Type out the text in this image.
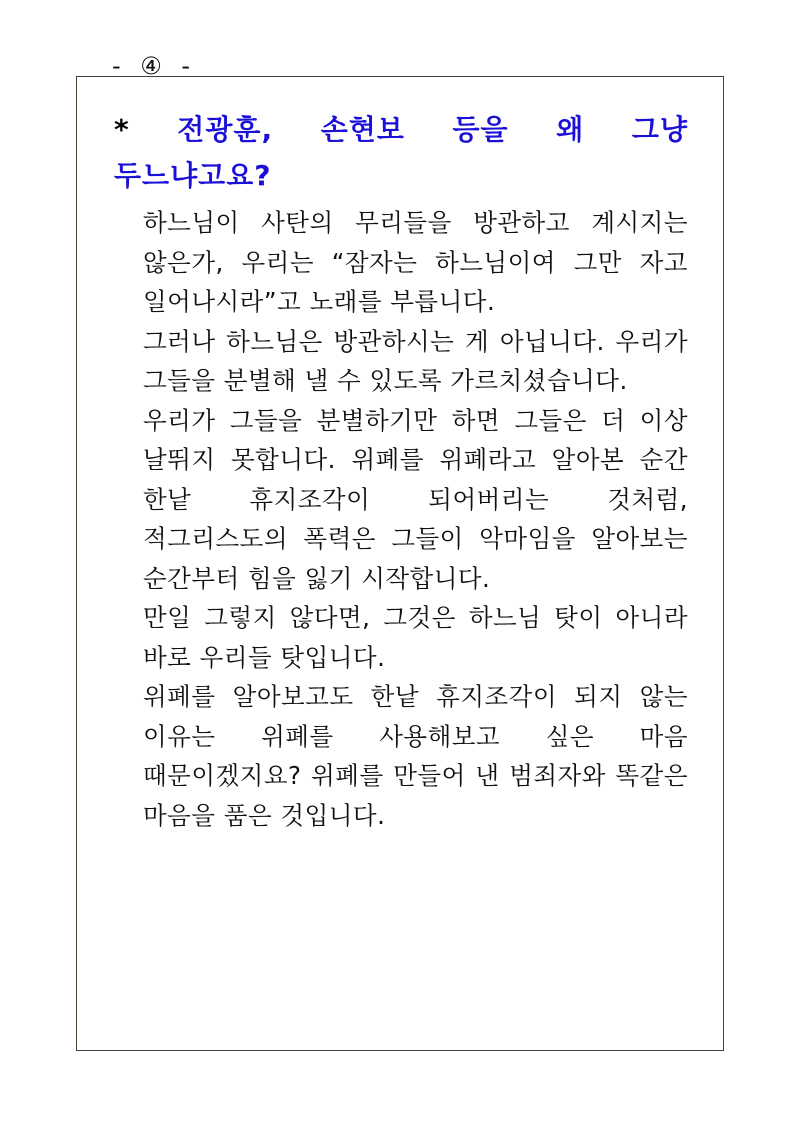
- ④ -
* 전광훈, 손현보 등을 왜 그냥 두느냐고요?

하느님이 사탄의 무리들을 방관하고 계시지는 않은가, 우리는 “잠자는 하느님이여 그만 자고 일어나시라”고 노래를 부릅니다.

그러나 하느님은 방관하시는 게 아닙니다. 우리가 그들을 분별해 낼 수 있도록 가르치셨습니다.

우리가 그들을 분별하기만 하면 그들은 더 이상 날뛰지 못합니다. 위폐를 위폐라고 알아본 순간 한낱 휴지조각이 되어버리는 것처럼, 적그리스도의 폭력은 그들이 악마임을 알아보는 순간부터 힘을 잃기 시작합니다.

만일 그렇지 않다면, 그것은 하느님 탓이 아니라 바로 우리들 탓입니다.

위폐를 알아보고도 한낱 휴지조각이 되지 않는 이유는 위폐를 사용해보고 싶은 마음 때문이겠지요? 위폐를 만들어 낸 범죄자와 똑같은 마음을 품은 것입니다.
